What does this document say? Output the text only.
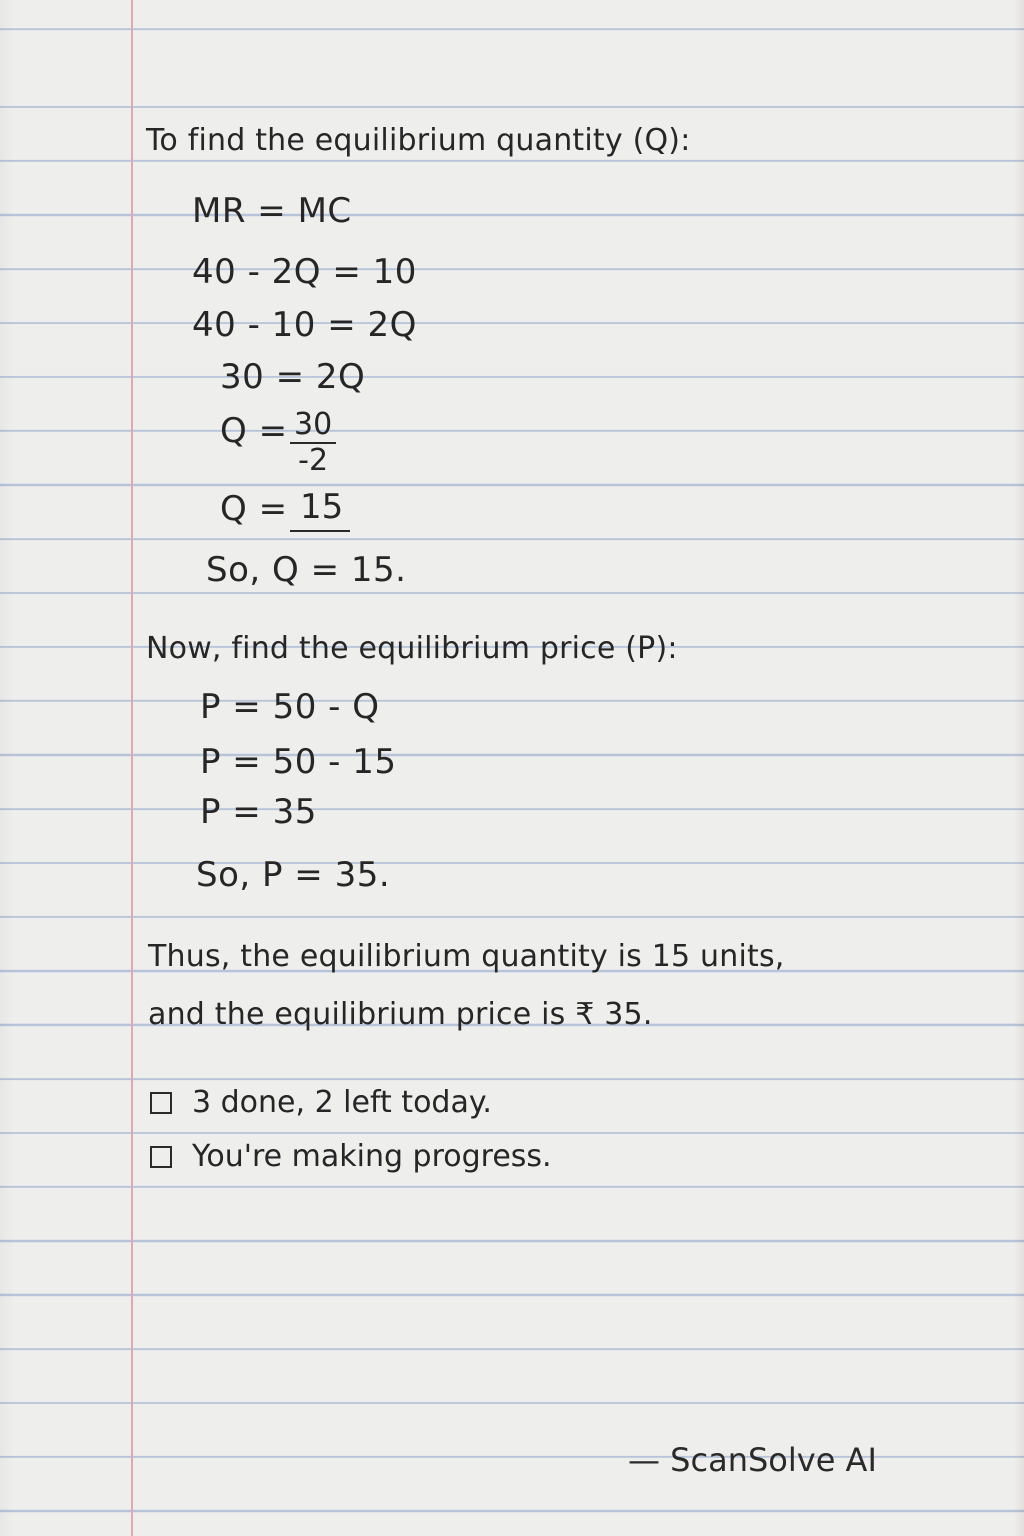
To find the equilibrium quantity (Q):

MR = MC

40 - 2Q = 10

40 - 10 = 2Q

30 = 2Q

$Q = \frac{30}{-2}$

Q = 15

So, Q = 15.

Now, find the equilibrium price (P):

P = 50 - Q

P = 50 - 15

P = 35

So, P = 35.

Thus, the equilibrium quantity is 15 units,

and the equilibrium price is ₹ 35.

3 done, 2 left today.
You're making progress.

— ScanSolve AI
